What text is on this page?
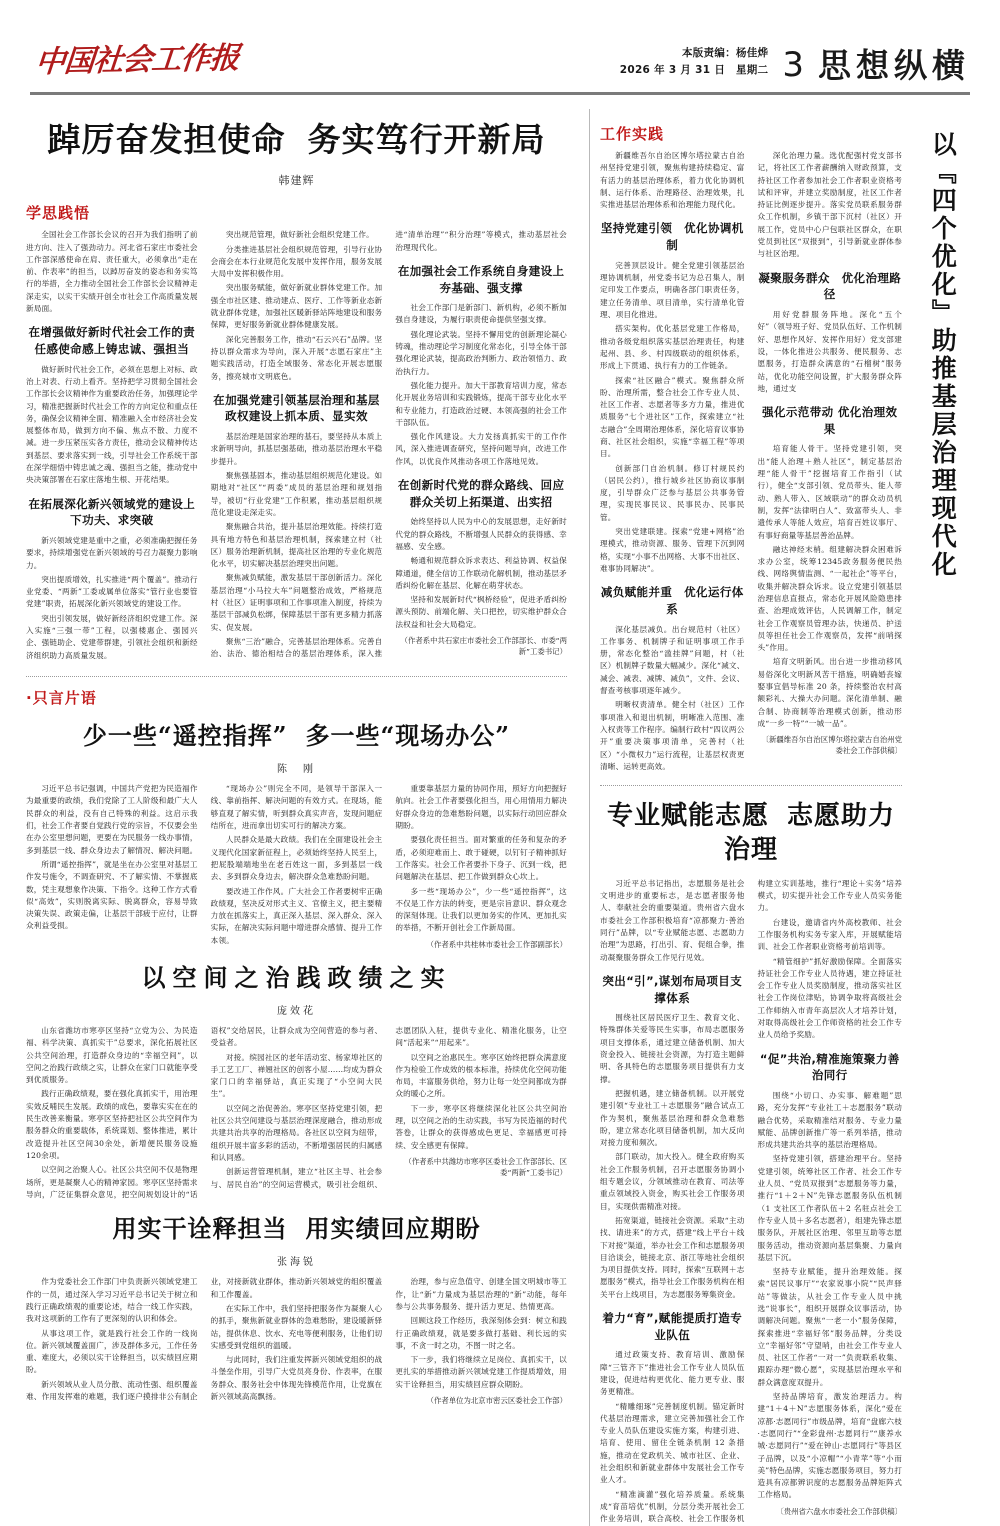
中国社会工作报	本版责编：杨佳烨
2026 年 3 月 31 日　星期二 3 思想纵横
踔厉奋发担使命 务实笃行开新局
韩建辉
学思践悟

全国社会工作部长会议的召开为我们指明了前进方向、注入了强劲动力。河北省石家庄市委社会工作部深感使命在肩、责任重大，必须拿出“走在前、作表率”的担当，以踔厉奋发的姿态和务实笃行的举措，全力推动全国社会工作部长会议精神走深走实，以实干实绩开创全市社会工作高质量发展新局面。

在增强做好新时代社会工作的责任感使命感上铸忠诚、强担当

做好新时代社会工作，必须在思想上对标、政治上对表、行动上看齐。坚持把学习贯彻全国社会工作部长会议精神作为重要政治任务，加强理论学习，精准把握新时代社会工作的方向定位和重点任务，确保会议精神全面、精准融入全市经济社会发展整体布局，做到方向不偏、焦点不散、力度不减。进一步压紧压实各方责任，推动会议精神传达到基层、要求落实到一线，引导社会工作系统干部在深学细悟中铸忠诚之魂、强担当之能，推动党中央决策部署在石家庄落地生根、开花结果。

在拓展深化新兴领域党的建设上下功夫、求突破

新兴领域党建是重中之重，必须准确把握任务要求，持续增强党在新兴领域的号召力凝聚力影响力。

突出提质增效，扎实推进“两个覆盖”。推动行业党委、“两新”工委或属单位落实“管行业也要管党建”职责，拓展深化新兴领域党的建设工作。

突出引领发展，做好新经济组织党建工作。深入实施“三强一带”工程，以强楼惠企、强园兴企、强链助企、党建带群建，引领社会组织和新经济组织助力高质量发展。

突出规范管理，做好新社会组织党建工作。

分类推进基层社会组织规范管理，引导行业协会商会在本行业规范化发展中发挥作用，服务发展大局中发挥积极作用。

突出服务赋能，做好新就业群体党建工作。加强全市社区建、推动建点、医疗、工作等新业态新就业群体党建，加强社区暖新驿站阵地建设和服务保障，更好服务新就业群体健康发展。

深化完善服务工作，推动“石云兴石”品牌。坚持以群众需求为导向，深入开展“志愿石家庄”主题实践活动，打造全域服务、常态化开展志愿服务，擦亮城市文明底色。

在加强党建引领基层治理和基层政权建设上抓本质、显实效

基层治理是国家治理的基石，要坚持从本质上求新明导向，抓基层强基础，推动基层治理水平稳步提升。

聚焦强基固本，推动基层组织规范化建设。如期地对“社区”“两委”成员的基层治理和规划指导，被切“行业党建”工作积累，推动基层组织规范化建设走深走实。

聚焦融合共治，提升基层治理效能。持续打造具有地方特色和基层治理机制，探索建立村（社区）服务治理新机制，提高社区治理的专业化规范化水平，切实解决基层治理突出问题。

聚焦减负赋能，激发基层干部创新活力。深化基层治理“小马拉大车”问题整治成效，严格规范村（社区）证明事项和工作事项准入制度，持续为基层干部减负松绑，保障基层干部有更多精力抓落实、促发展。

聚焦“三治”融合，完善基层治理体系。完善自治、法治、德治相结合的基层治理体系，深入推进“清单治理”“积分治理”等模式，推动基层社会治理现代化。

在加强社会工作系统自身建设上夯基础、强支撑

社会工作部门是新部门、新机构，必须不断加强自身建设，为履行职责使命提供坚强支撑。

强化理论武装。坚持不懈用党的创新理论凝心铸魂，推动理论学习制度化常态化，引导全体干部强化理论武装，提高政治判断力、政治领悟力、政治执行力。

强化能力提升。加大干部教育培训力度，常态化开展业务培训和实践锻炼，提高干部专业化水平和专业能力，打造政治过硬、本领高强的社会工作干部队伍。

强化作风建设。大力发扬真抓实干的工作作风，深入推进调查研究，坚持问题导向，改进工作作风，以优良作风推动各项工作落地见效。

在创新时代党的群众路线、回应群众关切上拓渠道、出实招

始终坚持以人民为中心的发展思想，走好新时代党的群众路线，不断增强人民群众的获得感、幸福感、安全感。

畅通和规范群众诉求表达、利益协调、权益保障通道，健全信访工作联动化解机制，推动基层矛盾纠纷化解在基层、化解在萌芽状态。

坚持和发展新时代“枫桥经验”，促进矛盾纠纷源头预防、前端化解、关口把控，切实维护群众合法权益和社会大局稳定。

（作者系中共石家庄市委社会工作部部长、市委“两新”工委书记）

·只言片语
少一些“遥控指挥” 多一些“现场办公”
陈　刚

习近平总书记强调，中国共产党把为民造福作为最重要的政绩，我们党除了工人阶级和最广大人民群众的利益，没有自己特殊的利益。这启示我们，社会工作者要自觉践行党的宗旨，不仅要会坐在办公室里想问题，更要在为民服务一线办事情，多到基层一线、群众身边去了解情况、解决问题。

所谓“遥控指挥”，就是坐在办公室里对基层工作发号施令，不调查研究、不了解实情、不掌握底数，凭主观想象作决策、下指令。这种工作方式看似“高效”，实则脱离实际、脱离群众，容易导致决策失误、政策走偏，让基层干部疲于应付，让群众利益受损。

“现场办公”则完全不同，是领导干部深入一线、靠前指挥、解决问题的有效方式。在现场，能够直观了解实情，听到群众真实声音，发现问题症结所在，进而拿出切实可行的解决方案。

人民群众是最大政绩。我们在全面建设社会主义现代化国家新征程上，必须始终坚持人民至上，把屁股端端地坐在老百姓这一面，多到基层一线去、多到群众身边去，解决群众急难愁盼问题。

要改进工作作风。广大社会工作者要树牢正确政绩观，坚决反对形式主义、官僚主义，把主要精力放在抓落实上，真正深入基层、深入群众、深入实际，在解决实际问题中增进群众感情、提升工作本领。

重要靠基层力量的协同作用，照好方向把握好航向。社会工作者要强化担当，用心用情用力解决好群众身边的急难愁盼问题，以实际行动回应群众期盼。

要强化责任担当。面对繁重的任务和复杂的矛盾，必须迎难而上、敢于碰硬，以钉钉子精神抓好工作落实。社会工作者要扑下身子、沉到一线，把问题解决在基层、把工作做到群众心坎上。

多一些“现场办公”，少一些“遥控指挥”，这不仅是工作方法的转变，更是宗旨意识、群众观念的深刻体现。让我们以更加务实的作风、更加扎实的举措，不断开创社会工作新局面。

（作者系中共桂林市委社会工作部副部长）

以空间之治践政绩之实
庞效花

山东省潍坊市寒亭区坚持“立党为公、为民造福、科学决策、真抓实干”总要求，深化拓展社区公共空间治理，打造群众身边的“幸福空间”，以空间之治践行政绩之实，让群众在家门口就能享受到优质服务。

践行正确政绩观，要在强化真抓实干，用治理实效反哺民生发展。政绩的成色，要靠实实在在的民生改善来衡量。寒亭区坚持把社区公共空间作为服务群众的重要载体，系统谋划、整体推进，累计改造提升社区空间30余处，新增便民服务设施120余项。

以空间之治聚人心。社区公共空间不仅是物理场所，更是凝聚人心的精神家园。寒亭区坚持需求导向，广泛征集群众意见，把空间规划设计的“话语权”交给居民，让群众成为空间营造的参与者、受益者。

对接。缤园社区的老年活动室、杨家埠社区的手工艺工厂、禅翘社区的创客小屋……均成为群众家门口的幸福驿站，真正实现了“小空间大民生”。

以空间之治促善治。寒亭区坚持党建引领，把社区公共空间建设与基层治理深度融合，推动形成共建共治共享的治理格局。各社区以空间为纽带，组织开展丰富多彩的活动，不断增强居民的归属感和认同感。

创新运营管理机制，建立“社区主导、社会参与、居民自治”的空间运营模式，吸引社会组织、志愿团队入驻，提供专业化、精准化服务，让空间“活起来”“用起来”。

以空间之治惠民生。寒亭区始终把群众满意度作为检验工作成效的根本标准，持续优化空间功能布局，丰富服务供给，努力让每一处空间都成为群众的暖心之所。

下一步，寒亭区将继续深化社区公共空间治理，以空间之治的生动实践，书写为民造福的时代答卷，让群众的获得感成色更足、幸福感更可持续、安全感更有保障。

（作者系中共潍坊市寒亭区委社会工作部部长、区委“两新”工委书记）

用实干诠释担当 用实绩回应期盼
张海锐

作为党委社会工作部门中负责新兴领域党建工作的一员，通过深入学习习近平总书记关于树立和践行正确政绩观的重要论述，结合一线工作实践，我对这项新的工作有了更深刻的认识和体会。

从事这项工作，就是践行社会工作的一线岗位。新兴领域覆盖面广，涉及群体多元，工作任务重、难度大，必须以实干诠释担当，以实绩回应期盼。

新兴领域从业人员分散、流动性强、组织覆盖难、作用发挥难的难题，我们逐户摸排非公有制企业，对接新就业群体，推动新兴领域党的组织覆盖和工作覆盖。

在实际工作中，我们坚持把服务作为凝聚人心的抓手，聚焦新就业群体的急难愁盼，建设暖新驿站，提供休息、饮水、充电等便利服务，让他们切实感受到党组织的温暖。

与此同时，我们注重发挥新兴领域党组织的战斗堡垒作用，引导广大党员亮身份、作表率，在服务群众、服务社会中体现先锋模范作用，让党旗在新兴领域高高飘扬。

治理，参与应急值守、创建全国文明城市等工作，让“新”力量成为基层治理的“新”动能，每年参与公共事务服务、提升活力更足、热情更高。

回顾这段工作经历，我深刻体会到：树立和践行正确政绩观，就是要多做打基础、利长远的实事，不贪一时之功，不图一时之名。

下一步，我们将继续立足岗位、真抓实干，以更扎实的举措推动新兴领域党建工作提质增效，用实干诠释担当，用实绩回应群众期盼。

（作者单位为北京市密云区委社会工作部）

工作实践

新疆维吾尔自治区博尔塔拉蒙古自治州坚持党建引领，聚焦构建持续稳定、富有活力的基层治理体系，着力优化协调机制、运行体系、治理路径、治理效果，扎实推进基层治理体系和治理能力现代化。

坚持党建引领　优化协调机制

完善顶层设计。健全党建引领基层治理协调机制，州党委书记为总召集人，制定印发工作要点，明确各部门职责任务，建立任务清单、项目清单，实行清单化管理、项目化推进。

搭实架构。优化基层党建工作格局，推动各级党组织落实基层治理责任，构建起州、县、乡、村四级联动的组织体系，形成上下贯通、执行有力的工作链条。

探索“社区融合”模式。聚焦群众所盼、治理所需，整合社会工作专业人员、社区工作者、志愿者等多方力量，推进优质服务“七个进社区”工作，探索建立“社志融合”全周期治理体系，深化培育议事协商、社区社会组织，实施“幸福工程”等项目。

创新部门自治机制。修订村规民约（居民公约），推行城乡社区协商议事制度，引导群众广泛参与基层公共事务管理，实现民事民议、民事民办、民事民管。

突出党建联建。探索“党建+网格”治理模式，推动资源、服务、管理下沉到网格，实现“小事不出网格、大事不出社区、难事协同解决”。

减负赋能并重　优化运行体系

深化基层减负。出台规范村（社区）工作事务、机制牌子和证明事项工作手册，常态化整治“滥挂牌”问题，村（社区）机制牌子数量大幅减少。深化“减文、减会、减表、减牌、减负”，文件、会议、督查考核事项逐年减少。

明晰权责清单。健全村（社区）工作事项准入和退出机制，明晰准入范围、准入权责等工作程序。编制行政村“四议两公开”重要决策事项清单，完善村（社区）“小微权力”运行流程，让基层权责更清晰、运转更高效。

深化治理力量。选优配强村党支部书记，将社区工作者薪酬纳入财政预算，支持社区工作者参加社会工作者职业资格考试和评审，并建立奖励制度，社区工作者持证比例逐步提升。落实党员联系服务群众工作机制，乡镇干部下沉村（社区）开展工作，党员中心户包联社区群众，在职党员到社区“双报到”，引导新就业群体参与社区治理。

凝聚服务群众　优化治理路径

用好党群服务阵地。深化“五个好”（领导班子好、党员队伍好、工作机制好、思想作风好、发挥作用好）党支部建设，一体化推进公共服务、便民服务、志愿服务，打造群众满意的“石榴树”服务站，优化功能空间设置，扩大服务群众阵地，通过支

强化示范带动 优化治理效果

培育能人骨干。坚持党建引领，突出“能人治理＋熟人社区”，制定基层治理“能人骨干”挖掘培育工作指引（试行），健全“支部引领、党员带头、能人带动、熟人带入、区域联动”的群众动员机制，发挥“法律明白人”、致富带头人、非遗传承人等能人效应，培育百姓议事厅、有事好商量等基层善治品牌。

融达神经末梢。组建解决群众困难诉求办公室，统筹12345政务服务便民热线、网络舆情监测、“一起社企”等平台，收集并解决群众诉求。设立党建引领基层治理信息直报点，常态化开展风险隐患排查、治理成效评估，人民调解工作，制定社会工作观察员管理办法，快递员、护送员等担任社会工作观察员，发挥“前哨探头”作用。

培育文明新风。出台进一步推动移风易俗深化文明新风苦干措施，明确婚丧嫁娶事宜倡导标准 20 条，持续整治农村高额彩礼、大操大办问题。深化清单制、融合制、协商制等治理模式创新，推动形成“一乡一特”“一城一品”。

〔新疆维吾尔自治区博尔塔拉蒙古自治州党委社会工作部供稿〕

专业赋能志愿 志愿助力治理

习近平总书记指出，志愿服务是社会文明进步的重要标志，是志愿者服务他人、奉献社会的重要渠道。贵州省六盘水市委社会工作部积极培育“凉都聚力·善治同行”品牌，以“专业赋能志愿、志愿助力治理”为思路，打出引、育、促组合拳，推动凝聚服务群众工作见行见效。

突出“引”,谋划布局项目支撑体系

围绕社区居民医疗卫生、教育文化、特殊群体关爱等民生实事，布局志愿服务项目支撑体系，通过建立储备机制、加大资金投入、链接社会资源，为打造主题鲜明、各具特色的志愿服务项目提供有力支撑。

把握机遇，建立储备机制。以开展党建引领“专业社工＋志愿服务”融合试点工作为契机，聚焦基层治理和群众急难愁盼，建立常态化项目储备机制，加大反向对接力度和频次。

部门联动，加大投入。健全政府购买社会工作服务机制，召开志愿服务协调小组专题会议，分领域推动在教育、司法等重点领域投入资金，购买社会工作服务项目，实现供需精准对接。

拓宽渠道，链接社会资源。采取“主动找、请进来”的方式，搭建“线上平台＋线下对接”渠道，举办社会工作和志愿服务项目洽谈会，链接北京、浙江等地社会组织为项目提供支持。同时，探索“互联网＋志愿服务”模式，指导社会工作服务机构在相关平台上线项目，为志愿服务筹集资金。

着力“育”,赋能提质打造专业队伍

通过政策支持、教育培训、激励保障“三管齐下”推进社会工作专业人员队伍建设，促进结构更优化、能力更专业、服务更精准。

“精雕细琢”完善制度机制。锚定新时代基层治理需求，建立完善加强社会工作专业人员队伍建设实施方案，构建引进、培育、使用、留住全链条机制 12 条措施，推动在党政机关、城市社区、企业、社会组织和新就业群体中发展社会工作专业人才。

“精准滴灌”强化培养质量。系统集成“育苗培优”机制，分层分类开展社会工作业务培训，联合高校、社会工作服务机构建立实训基地，推行“理论＋实务”培养模式，切实提升社会工作专业人员实务能力。

台建设，邀请省内外高校教师、社会工作服务机构实务专家入库，开展赋能培训、社会工作者职业资格考前培训等。

“精管细护”抓好激励保障。全面落实持证社会工作专业人员待遇，建立持证社会工作专业人员奖励制度，推动落实社区社会工作岗位津贴，协调争取将高级社会工作师纳入市青年高层次人才培养计划，对取得高级社会工作师资格的社会工作专业人员给予奖励。

“促”共治,精准施策聚力善治同行

围绕“小切口、办实事、解难题”思路，充分发挥“专业社工＋志愿服务”联动融合优势，采取精准结对服务、专业力量赋能、品牌创新推广等一系列举措，推动形成共建共治共享的基层治理格局。

坚持党建引领，搭建治理平台。坚持党建引领，统筹社区工作者、社会工作专业人员、“党员双报到”志愿服务等力量，推行“1＋2＋N”先锋志愿服务队伍机制（1 支社区工作者队伍＋2 名驻点社会工作专业人员＋多名志愿者），组建先锋志愿服务队，开展社区治理、邻里互助等志愿服务活动，推动资源向基层集聚、力量向基层下沉。

坚持专业赋能，提升治理效能。探索“居民议事厅”“农家说事小院”“民声驿站”等做法，从社会工作专业人员中挑选“说事长”，组织开展群众议事活动，协调解决问题。聚焦“一老一小”服务保障，探索推进“幸福好邻”服务品牌，分类设立“幸福好邻”守望哨，由社会工作专业人员、社区工作者“一对一”负责联系收集、跟踪办理“微心愿”，实现基层治理水平和群众满意度双提升。

坚持品牌培育，激发治理活力。构建“1＋4＋N”志愿服务体系，深化“爱在凉都·志愿同行”市级品牌，培育“盘廊六枝·志愿同行”“金彩盘州·志愿同行”“康养水城·志愿同行”“爱在钟山·志愿同行”等县区子品牌，以及“小凉帽”“小青苹”等“小而美”特色品牌，实施志愿服务项目，努力打造具有凉都辨识度的志愿服务品牌矩阵式工作格局。

〔贵州省六盘水市委社会工作部供稿〕

以『四个优化』助推基层治理现代化
